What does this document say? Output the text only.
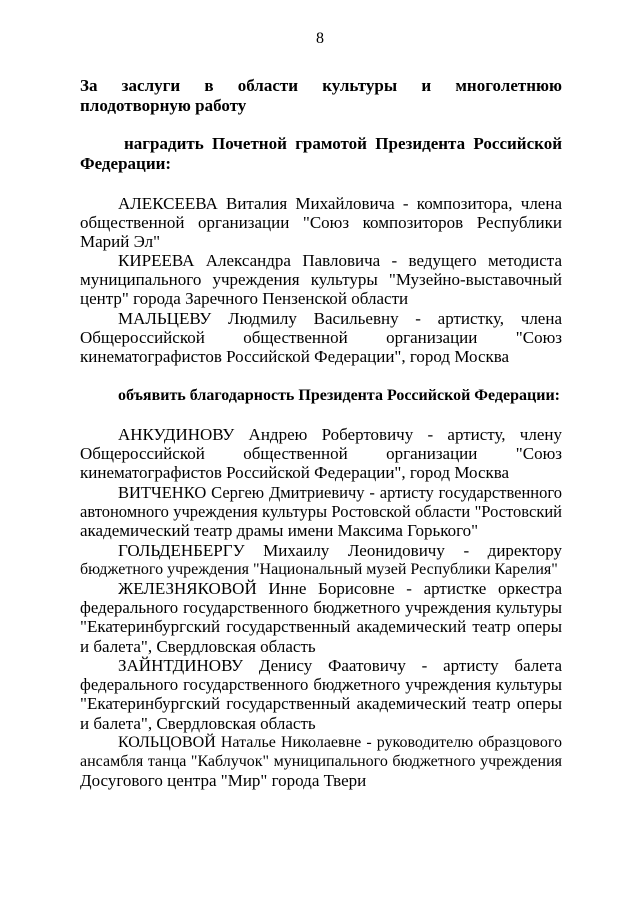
8
За заслуги в области культуры и многолетнюю
плодотворную работу
наградить Почетной грамотой Президента Российской
Федерации:
АЛЕКСЕЕВА Виталия Михайловича - композитора, члена
общественной организации "Союз композиторов Республики
Марий Эл"
КИРЕЕВА Александра Павловича - ведущего методиста
муниципального учреждения культуры "Музейно-выставочный
центр" города Заречного Пензенской области
МАЛЬЦЕВУ Людмилу Васильевну - артистку, члена
Общероссийской общественной организации "Союз
кинематографистов Российской Федерации", город Москва
объявить благодарность Президента Российской Федерации:
АНКУДИНОВУ Андрею Робертовичу - артисту, члену
Общероссийской общественной организации "Союз
кинематографистов Российской Федерации", город Москва
ВИТЧЕНКО Сергею Дмитриевичу - артисту государственного
автономного учреждения культуры Ростовской области "Ростовский
академический театр драмы имени Максима Горького"
ГОЛЬДЕНБЕРГУ Михаилу Леонидовичу - директору
бюджетного учреждения "Национальный музей Республики Карелия"
ЖЕЛЕЗНЯКОВОЙ Инне Борисовне - артистке оркестра
федерального государственного бюджетного учреждения культуры
"Екатеринбургский государственный академический театр оперы
и балета", Свердловская область
ЗАЙНТДИНОВУ Денису Фаатовичу - артисту балета
федерального государственного бюджетного учреждения культуры
"Екатеринбургский государственный академический театр оперы
и балета", Свердловская область
КОЛЬЦОВОЙ Наталье Николаевне - руководителю образцового
ансамбля танца "Каблучок" муниципального бюджетного учреждения
Досугового центра "Мир" города Твери
